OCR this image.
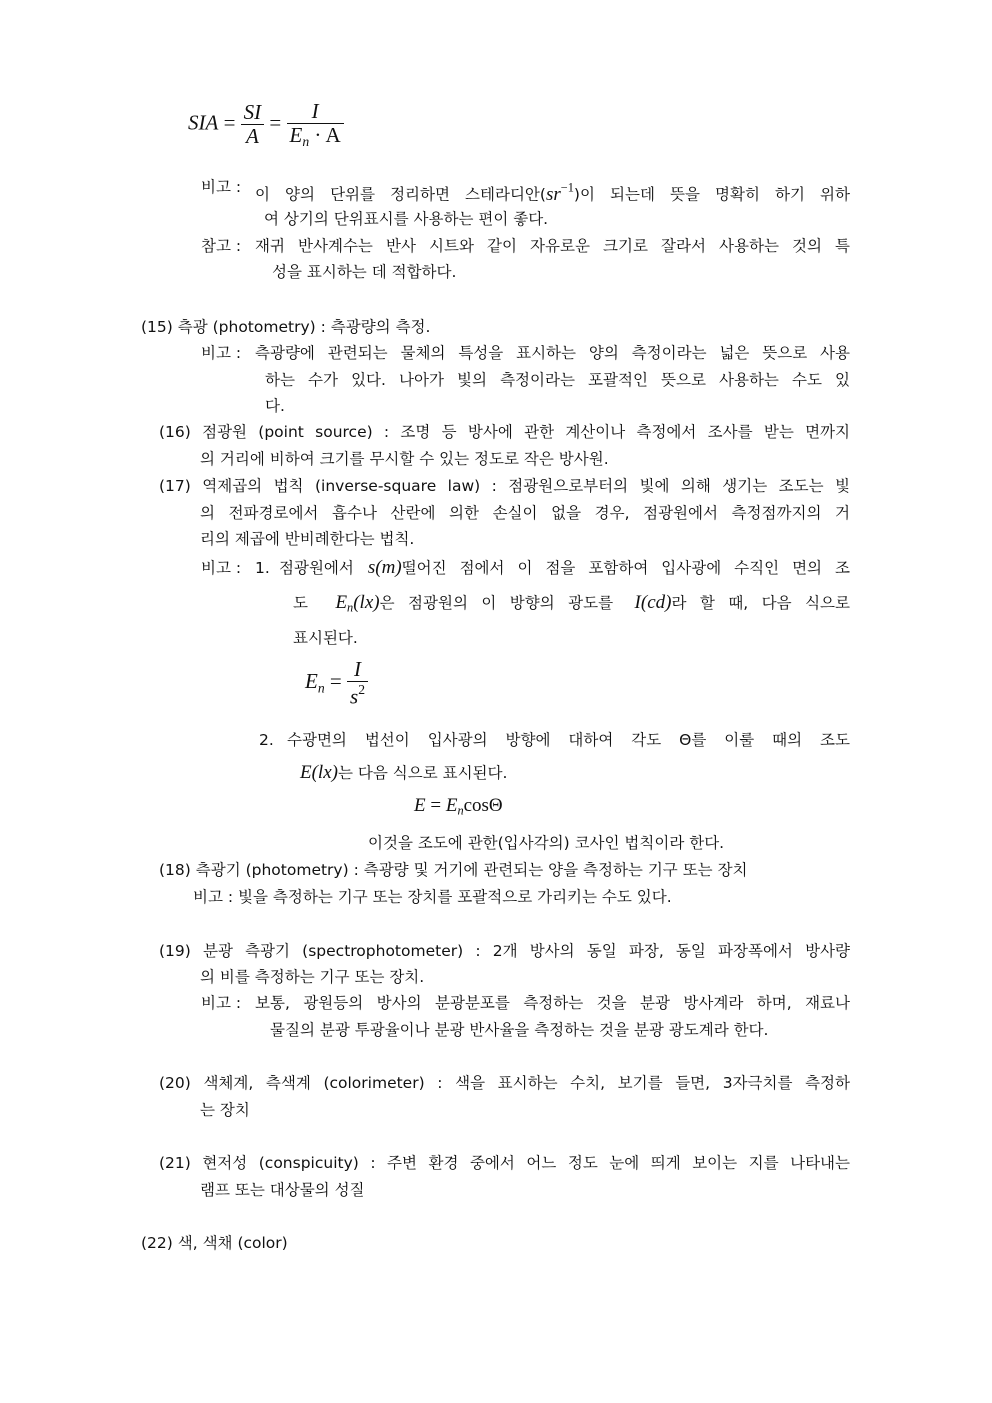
SIA = $\frac{SI}{A} = \frac{I}{E_n \cdot A}$
비고 : 이 양의 단위를 정리하면 스테라디안$(sr^{-1})$이 되는데 뜻을 명확히 하기 위하
여 상기의 단위표시를 사용하는 편이 좋다.
참고 : 재귀 반사계수는 반사 시트와 같이 자유로운 크기로 잘라서 사용하는 것의 특
성을 표시하는 데 적합하다.
(15) 측광 (photometry) : 측광량의 측정.
비고 : 측광량에 관련되는 물체의 특성을 표시하는 양의 측정이라는 넓은 뜻으로 사용
하는 수가 있다. 나아가 빛의 측정이라는 포괄적인 뜻으로 사용하는 수도 있
다.
(16) 점광원 (point source) : 조명 등 방사에 관한 계산이나 측정에서 조사를 받는 면까지
의 거리에 비하여 크기를 무시할 수 있는 정도로 작은 방사원.
(17) 역제곱의 법칙 (inverse-square law) : 점광원으로부터의 빛에 의해 생기는 조도는 빛
의 전파경로에서 흡수나 산란에 의한 손실이 없을 경우, 점광원에서 측정점까지의 거
리의 제곱에 반비례한다는 법칙.
비고 : 1. 점광원에서 s(m)떨어진 점에서 이 점을 포함하여 입사광에 수직인 면의 조
도 $E_n(lx)$은 점광원의 이 방향의 광도를 I(cd)라 할 때, 다음 식으로
표시된다.
$E_n = \frac{I}{s^2}$
2. 수광면의 법선이 입사광의 방향에 대하여 각도 Θ를 이룰 때의 조도
E(lx)는 다음 식으로 표시된다.
$E = E_n\cos\Theta$
이것을 조도에 관한(입사각의) 코사인 법칙이라 한다.
(18) 측광기 (photometry) : 측광량 및 거기에 관련되는 양을 측정하는 기구 또는 장치
비고 : 빛을 측정하는 기구 또는 장치를 포괄적으로 가리키는 수도 있다.
(19) 분광 측광기 (spectrophotometer) : 2개 방사의 동일 파장, 동일 파장폭에서 방사량
의 비를 측정하는 기구 또는 장치.
비고 : 보통, 광원등의 방사의 분광분포를 측정하는 것을 분광 방사계라 하며, 재료나
물질의 분광 투광율이나 분광 반사율을 측정하는 것을 분광 광도계라 한다.
(20) 색체계, 측색계 (colorimeter) : 색을 표시하는 수치, 보기를 들면, 3자극치를 측정하
는 장치
(21) 현저성 (conspicuity) : 주변 환경 중에서 어느 정도 눈에 띄게 보이는 지를 나타내는
램프 또는 대상물의 성질
(22) 색, 색채 (color)
